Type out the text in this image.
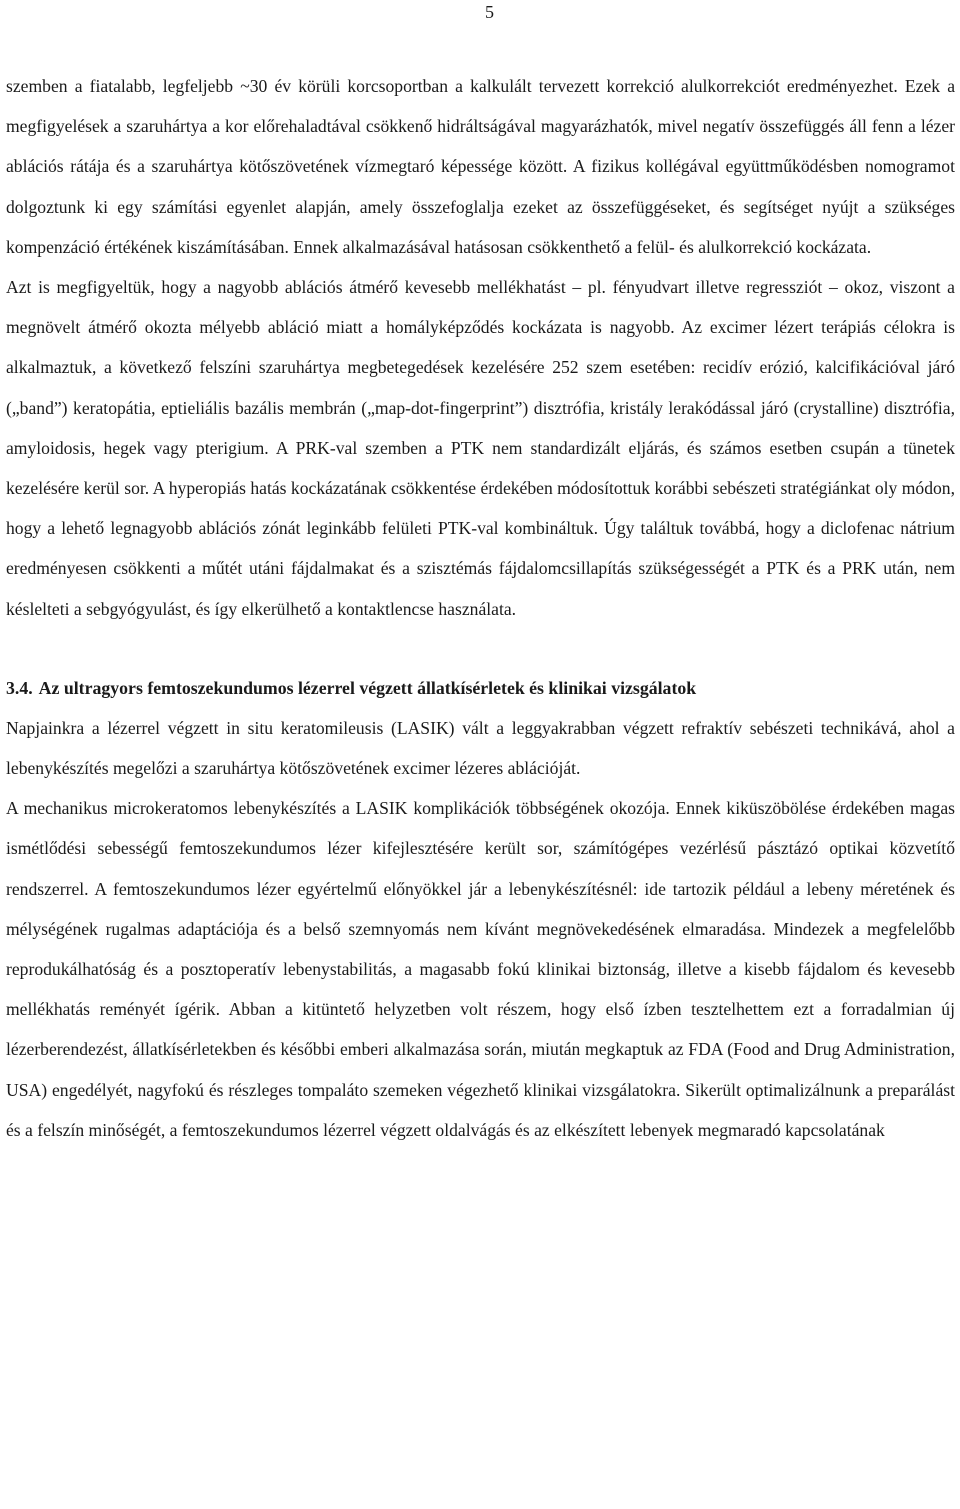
5

szemben a fiatalabb, legfeljebb ~30 év körüli korcsoportban a kalkulált tervezett korrekció alulkorrekciót eredményezhet. Ezek a megfigyelések a szaruhártya a kor előrehaladtával csökkenő hidráltságával magyarázhatók, mivel negatív összefüggés áll fenn a lézer ablációs rátája és a szaruhártya kötőszövetének vízmegtaró képessége között. A fizikus kollégával együttműködésben nomogramot dolgoztunk ki egy számítási egyenlet alapján, amely összefoglalja ezeket az összefüggéseket, és segítséget nyújt a szükséges kompenzáció értékének kiszámításában. Ennek alkalmazásával hatásosan csökkenthető a felül- és alulkorrekció kockázata.

Azt is megfigyeltük, hogy a nagyobb ablációs átmérő kevesebb mellékhatást – pl. fényudvart illetve regressziót – okoz, viszont a megnövelt átmérő okozta mélyebb abláció miatt a homályképződés kockázata is nagyobb. Az excimer lézert terápiás célokra is alkalmaztuk, a következő felszíni szaruhártya megbetegedések kezelésére 252 szem esetében: recidív erózió, kalcifikációval járó („band”) keratopátia, eptieliális bazális membrán („map-dot-fingerprint”) disztrófia, kristály lerakódással járó (crystalline) disztrófia, amyloidosis, hegek vagy pterigium. A PRK-val szemben a PTK nem standardizált eljárás, és számos esetben csupán a tünetek kezelésére kerül sor. A hyperopiás hatás kockázatának csökkentése érdekében módosítottuk korábbi sebészeti stratégiánkat oly módon, hogy a lehető legnagyobb ablációs zónát leginkább felületi PTK-val kombináltuk. Úgy találtuk továbbá, hogy a diclofenac nátrium eredményesen csökkenti a műtét utáni fájdalmakat és a szisztémás fájdalomcsillapítás szükségességét a PTK és a PRK után, nem késlelteti a sebgyógyulást, és így elkerülhető a kontaktlencse használata.

3.4. Az ultragyors femtoszekundumos lézerrel végzett állatkísérletek és klinikai vizsgálatok

Napjainkra a lézerrel végzett in situ keratomileusis (LASIK) vált a leggyakrabban végzett refraktív sebészeti technikává, ahol a lebenykészítés megelőzi a szaruhártya kötőszövetének excimer lézeres ablációját.

A mechanikus microkeratomos lebenykészítés a LASIK komplikációk többségének okozója. Ennek kiküszöbölése érdekében magas ismétlődési sebességű femtoszekundumos lézer kifejlesztésére került sor, számítógépes vezérlésű pásztázó optikai közvetítő rendszerrel. A femtoszekundumos lézer egyértelmű előnyökkel jár a lebenykészítésnél: ide tartozik például a lebeny méretének és mélységének rugalmas adaptációja és a belső szemnyomás nem kívánt megnövekedésének elmaradása. Mindezek a megfelelőbb reprodukálhatóság és a posztoperatív lebenystabilitás, a magasabb fokú klinikai biztonság, illetve a kisebb fájdalom és kevesebb mellékhatás reményét ígérik. Abban a kitüntető helyzetben volt részem, hogy első ízben tesztelhettem ezt a forradalmian új lézerberendezést, állatkísérletekben és későbbi emberi alkalmazása során, miután megkaptuk az FDA (Food and Drug Administration, USA) engedélyét, nagyfokú és részleges tompaláto szemeken végezhető klinikai vizsgálatokra. Sikerült optimalizálnunk a preparálást és a felszín minőségét, a femtoszekundumos lézerrel végzett oldalvágás és az elkészített lebenyek megmaradó kapcsolatának
